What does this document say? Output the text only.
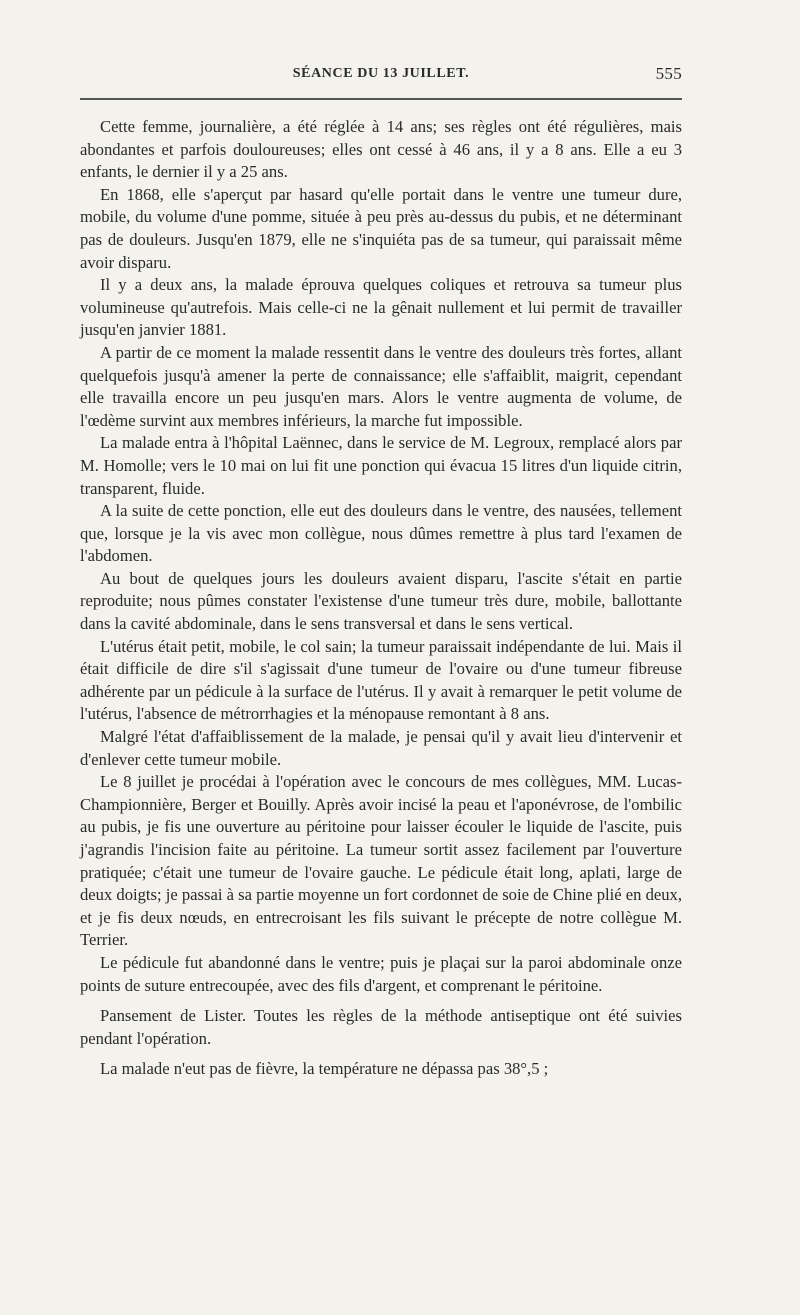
SÉANCE DU 13 JUILLET.	555

Cette femme, journalière, a été réglée à 14 ans; ses règles ont été régulières, mais abondantes et parfois douloureuses; elles ont cessé à 46 ans, il y a 8 ans. Elle a eu 3 enfants, le dernier il y a 25 ans.

En 1868, elle s'aperçut par hasard qu'elle portait dans le ventre une tumeur dure, mobile, du volume d'une pomme, située à peu près au-dessus du pubis, et ne déterminant pas de douleurs. Jusqu'en 1879, elle ne s'inquiéta pas de sa tumeur, qui paraissait même avoir disparu.

Il y a deux ans, la malade éprouva quelques coliques et retrouva sa tumeur plus volumineuse qu'autrefois. Mais celle-ci ne la gênait nullement et lui permit de travailler jusqu'en janvier 1881.

A partir de ce moment la malade ressentit dans le ventre des douleurs très fortes, allant quelquefois jusqu'à amener la perte de connaissance; elle s'affaiblit, maigrit, cependant elle travailla encore un peu jusqu'en mars. Alors le ventre augmenta de volume, de l'œdème survint aux membres inférieurs, la marche fut impossible.

La malade entra à l'hôpital Laënnec, dans le service de M. Legroux, remplacé alors par M. Homolle; vers le 10 mai on lui fit une ponction qui évacua 15 litres d'un liquide citrin, transparent, fluide.

A la suite de cette ponction, elle eut des douleurs dans le ventre, des nausées, tellement que, lorsque je la vis avec mon collègue, nous dûmes remettre à plus tard l'examen de l'abdomen.

Au bout de quelques jours les douleurs avaient disparu, l'ascite s'était en partie reproduite; nous pûmes constater l'existense d'une tumeur très dure, mobile, ballottante dans la cavité abdominale, dans le sens transversal et dans le sens vertical.

L'utérus était petit, mobile, le col sain; la tumeur paraissait indépendante de lui. Mais il était difficile de dire s'il s'agissait d'une tumeur de l'ovaire ou d'une tumeur fibreuse adhérente par un pédicule à la surface de l'utérus. Il y avait à remarquer le petit volume de l'utérus, l'absence de métrorrhagies et la ménopause remontant à 8 ans.

Malgré l'état d'affaiblissement de la malade, je pensai qu'il y avait lieu d'intervenir et d'enlever cette tumeur mobile.

Le 8 juillet je procédai à l'opération avec le concours de mes collègues, MM. Lucas-Championnière, Berger et Bouilly. Après avoir incisé la peau et l'aponévrose, de l'ombilic au pubis, je fis une ouverture au péritoine pour laisser écouler le liquide de l'ascite, puis j'agrandis l'incision faite au péritoine. La tumeur sortit assez facilement par l'ouverture pratiquée; c'était une tumeur de l'ovaire gauche. Le pédicule était long, aplati, large de deux doigts; je passai à sa partie moyenne un fort cordonnet de soie de Chine plié en deux, et je fis deux nœuds, en entrecroisant les fils suivant le précepte de notre collègue M. Terrier.

Le pédicule fut abandonné dans le ventre; puis je plaçai sur la paroi abdominale onze points de suture entrecoupée, avec des fils d'argent, et comprenant le péritoine.

Pansement de Lister. Toutes les règles de la méthode antiseptique ont été suivies pendant l'opération.

La malade n'eut pas de fièvre, la température ne dépassa pas 38°,5 ;
